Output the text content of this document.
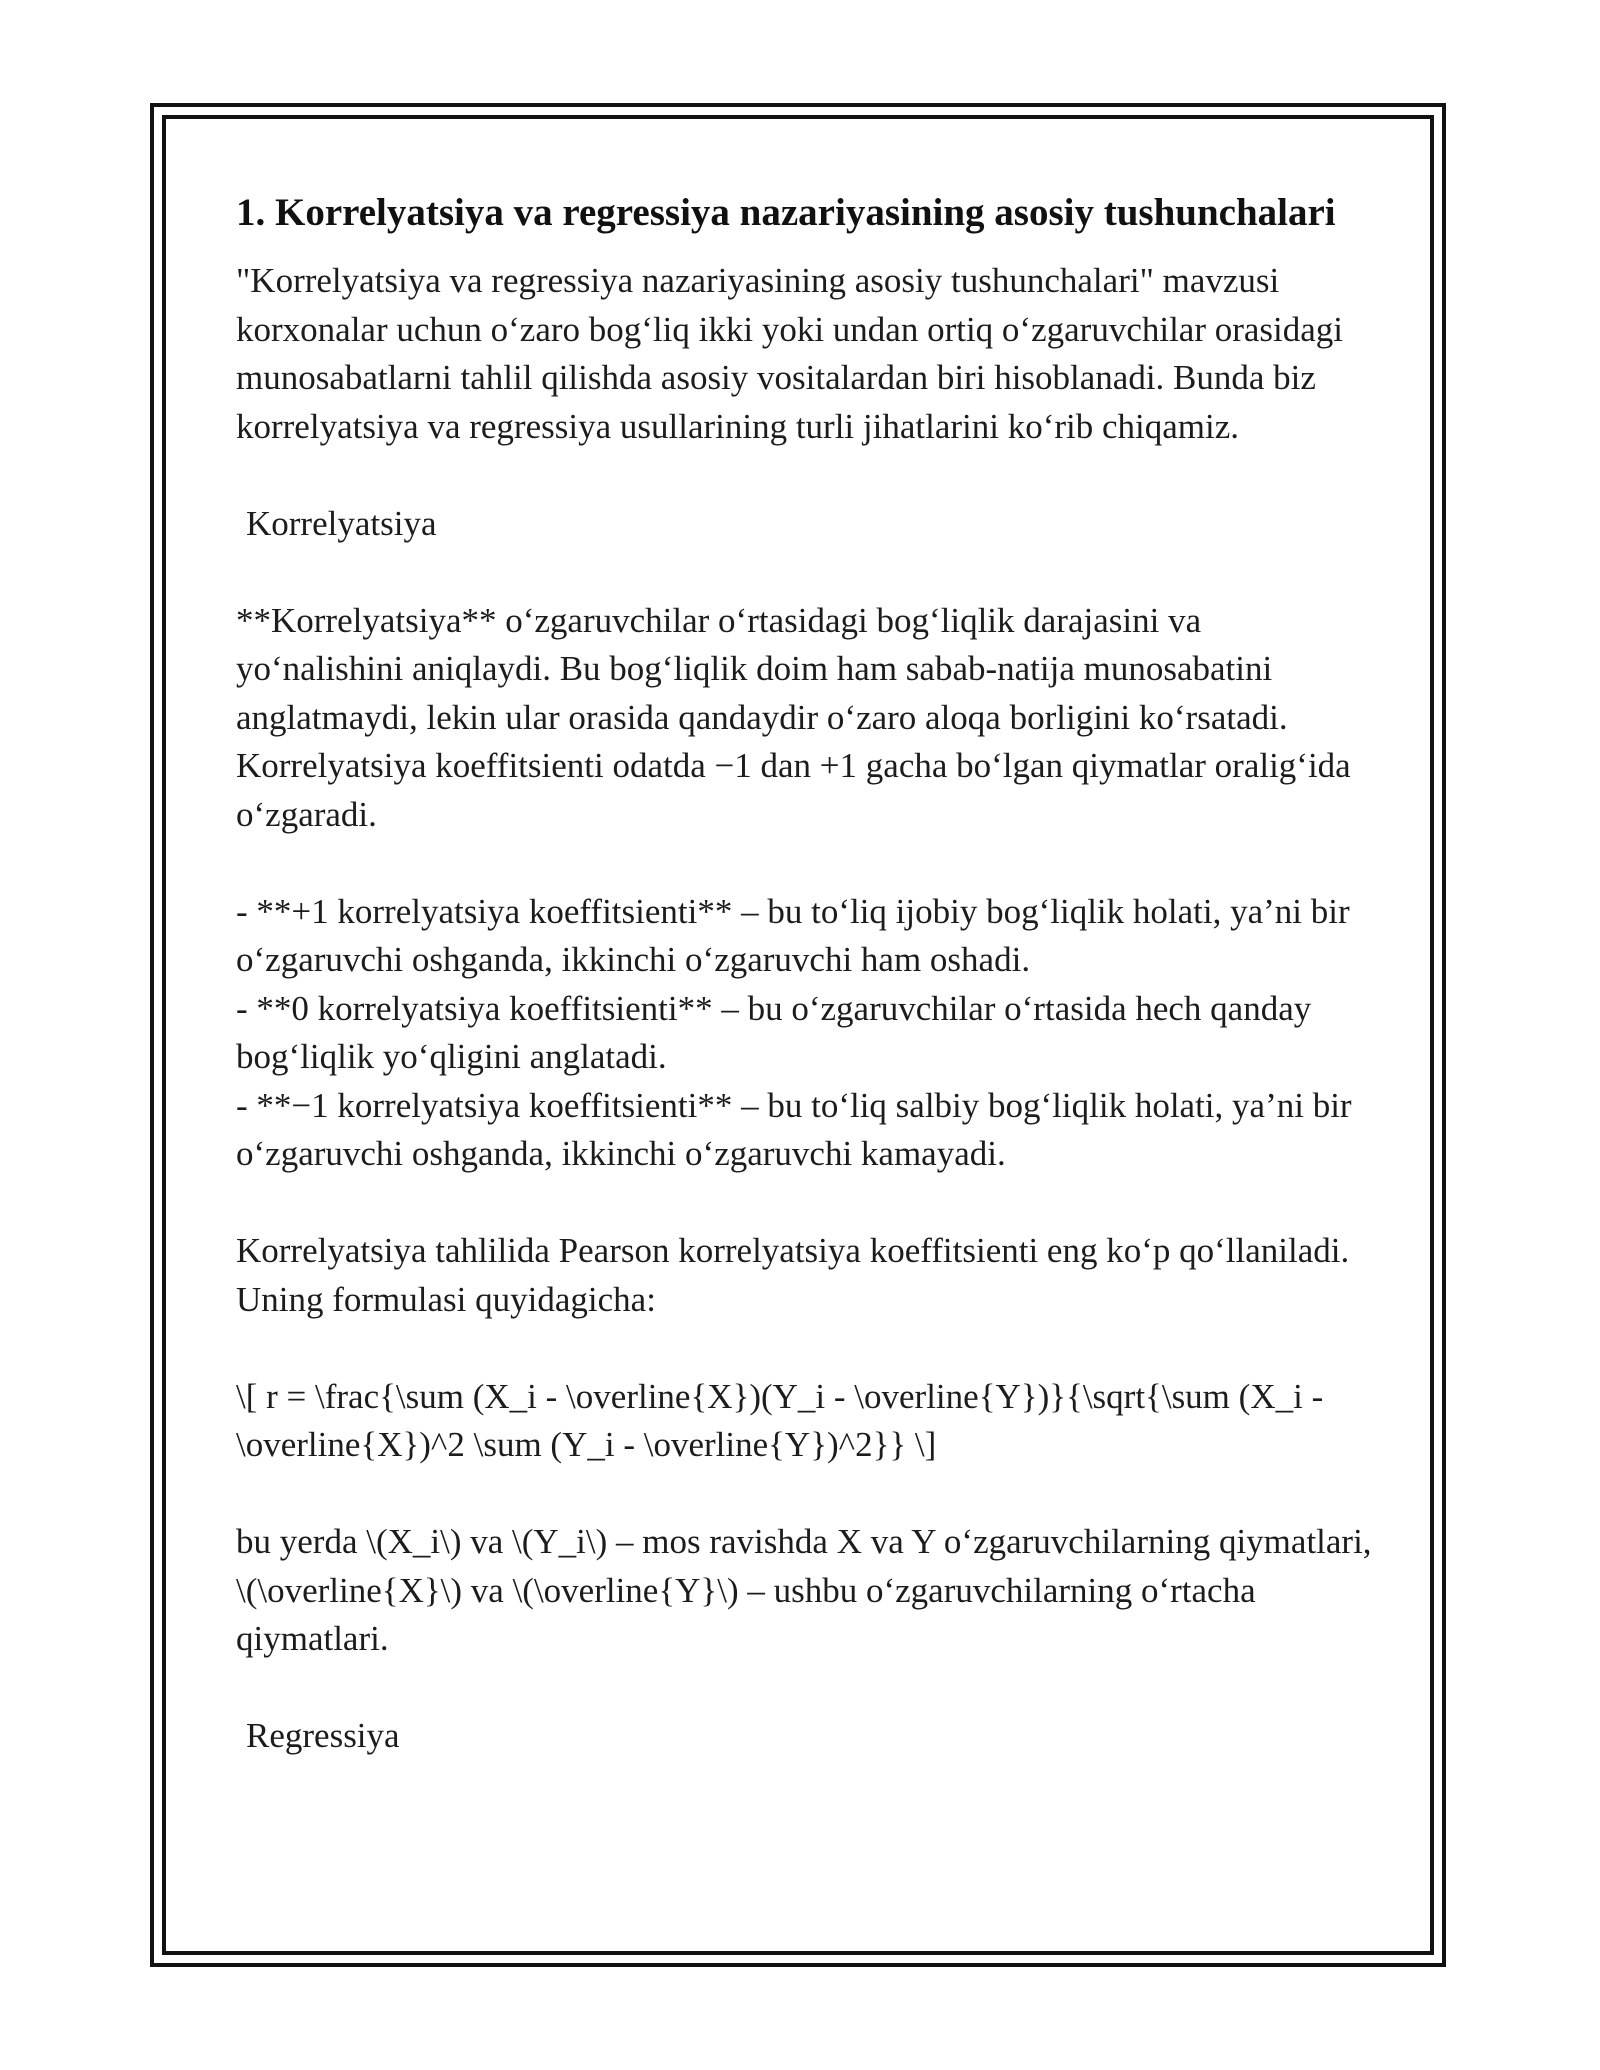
1. Korrelyatsiya va regressiya nazariyasining asosiy tushunchalari

"Korrelyatsiya va regressiya nazariyasining asosiy tushunchalari" mavzusi korxonalar uchun o‘zaro bog‘liq ikki yoki undan ortiq o‘zgaruvchilar orasidagi munosabatlarni tahlil qilishda asosiy vositalardan biri hisoblanadi. Bunda biz korrelyatsiya va regressiya usullarining turli jihatlarini ko‘rib chiqamiz.

Korrelyatsiya

**Korrelyatsiya** o‘zgaruvchilar o‘rtasidagi bog‘liqlik darajasini va yo‘nalishini aniqlaydi. Bu bog‘liqlik doim ham sabab-natija munosabatini anglatmaydi, lekin ular orasida qandaydir o‘zaro aloqa borligini ko‘rsatadi. Korrelyatsiya koeffitsienti odatda −1 dan +1 gacha bo‘lgan qiymatlar oralig‘ida o‘zgaradi.

- **+1 korrelyatsiya koeffitsienti** – bu to‘liq ijobiy bog‘liqlik holati, ya’ni bir o‘zgaruvchi oshganda, ikkinchi o‘zgaruvchi ham oshadi.

- **0 korrelyatsiya koeffitsienti** – bu o‘zgaruvchilar o‘rtasida hech qanday bog‘liqlik yo‘qligini anglatadi.

- **−1 korrelyatsiya koeffitsienti** – bu to‘liq salbiy bog‘liqlik holati, ya’ni bir o‘zgaruvchi oshganda, ikkinchi o‘zgaruvchi kamayadi.

Korrelyatsiya tahlilida Pearson korrelyatsiya koeffitsienti eng ko‘p qo‘llaniladi. Uning formulasi quyidagicha:

\[ r = \frac{\sum (X_i - \overline{X})(Y_i - \overline{Y})}{\sqrt{\sum (X_i - \overline{X})^2 \sum (Y_i - \overline{Y})^2}} \]

bu yerda \(X_i\) va \(Y_i\) – mos ravishda X va Y o‘zgaruvchilarning qiymatlari, \(\overline{X}\) va \(\overline{Y}\) – ushbu o‘zgaruvchilarning o‘rtacha qiymatlari.

Regressiya
